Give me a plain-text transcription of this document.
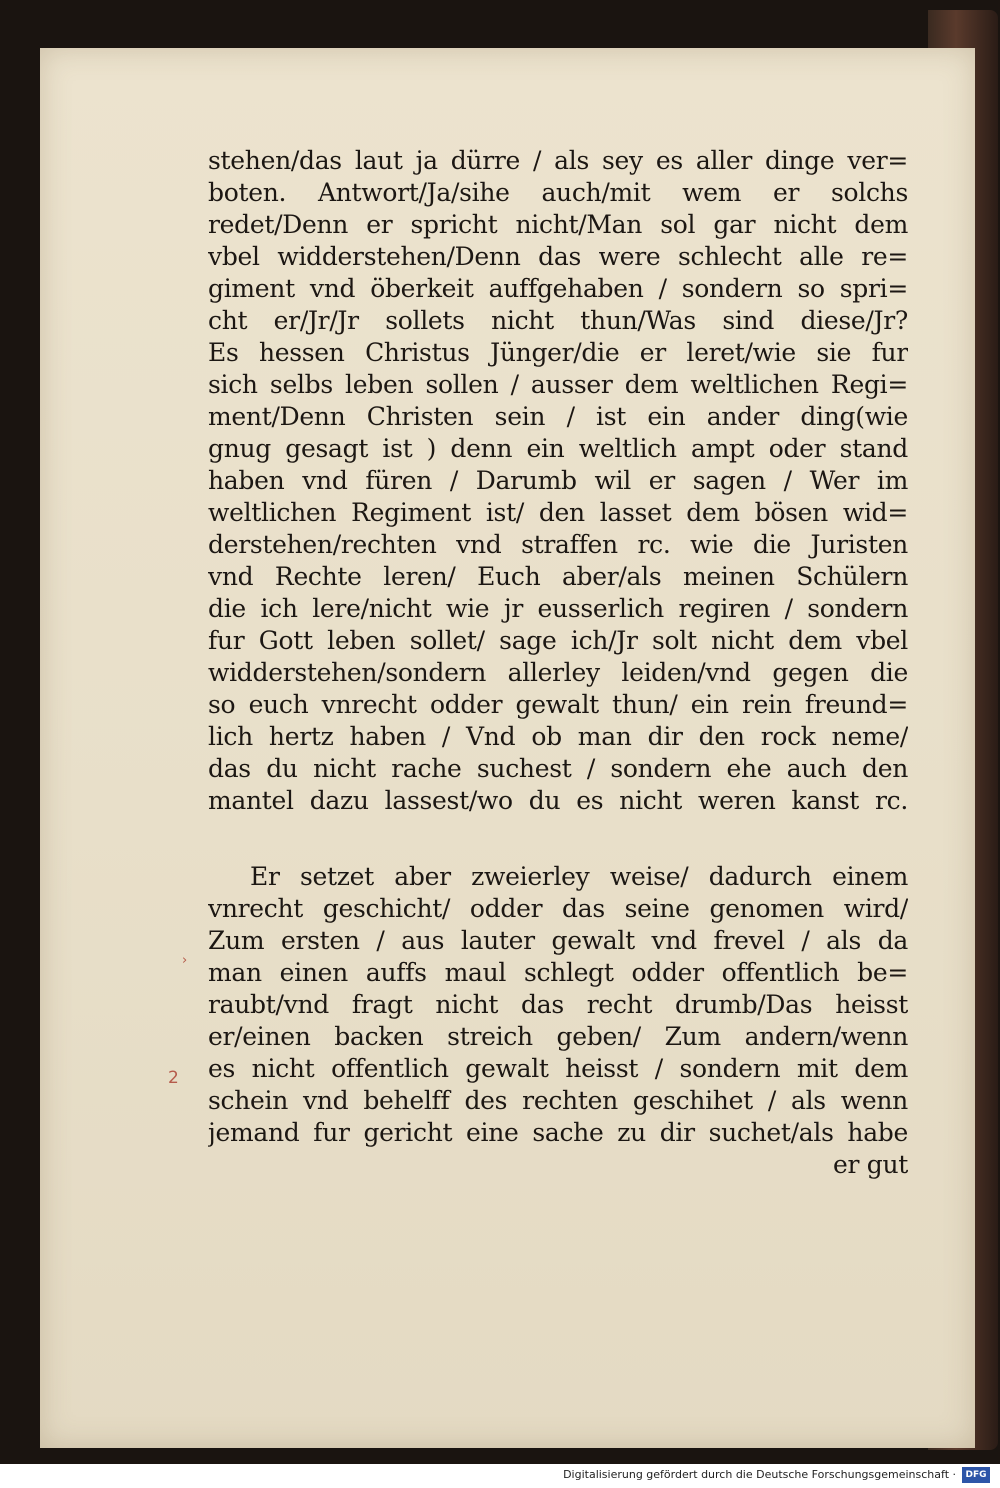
›
2
stehen/das laut ja dürre / als sey es aller dinge ver=
boten. Antwort/Ja/sihe auch/mit wem er solchs
redet/Denn er spricht nicht/Man sol gar nicht dem
vbel widderstehen/Denn das were schlecht alle re=
giment vnd öberkeit auffgehaben / sondern so spri=
cht er/Jr/Jr sollets nicht thun/Was sind diese/Jr?
Es hessen Christus Jünger/die er leret/wie sie fur
sich selbs leben sollen / ausser dem weltlichen Regi=
ment/Denn Christen sein / ist ein ander ding(wie
gnug gesagt ist ) denn ein weltlich ampt oder stand
haben vnd füren / Darumb wil er sagen / Wer im
weltlichen Regiment ist/ den lasset dem bösen wid=
derstehen/rechten vnd straffen rc. wie die Juristen
vnd Rechte leren/ Euch aber/als meinen Schülern
die ich lere/nicht wie jr eusserlich regiren / sondern
fur Gott leben sollet/ sage ich/Jr solt nicht dem vbel
widderstehen/sondern allerley leiden/vnd gegen die
so euch vnrecht odder gewalt thun/ ein rein freund=
lich hertz haben / Vnd ob man dir den rock neme/
das du nicht rache suchest / sondern ehe auch den
mantel dazu lassest/wo du es nicht weren kanst rc.
Er setzet aber zweierley weise/ dadurch einem
vnrecht geschicht/ odder das seine genomen wird/
Zum ersten / aus lauter gewalt vnd frevel / als da
man einen auffs maul schlegt odder offentlich be=
raubt/vnd fragt nicht das recht drumb/Das heisst
er/einen backen streich geben/ Zum andern/wenn
es nicht offentlich gewalt heisst / sondern mit dem
schein vnd behelff des rechten geschihet / als wenn
jemand fur gericht eine sache zu dir suchet/als habe
er gut
Digitalisierung gefördert durch die Deutsche Forschungsgemeinschaft ·	DFG
